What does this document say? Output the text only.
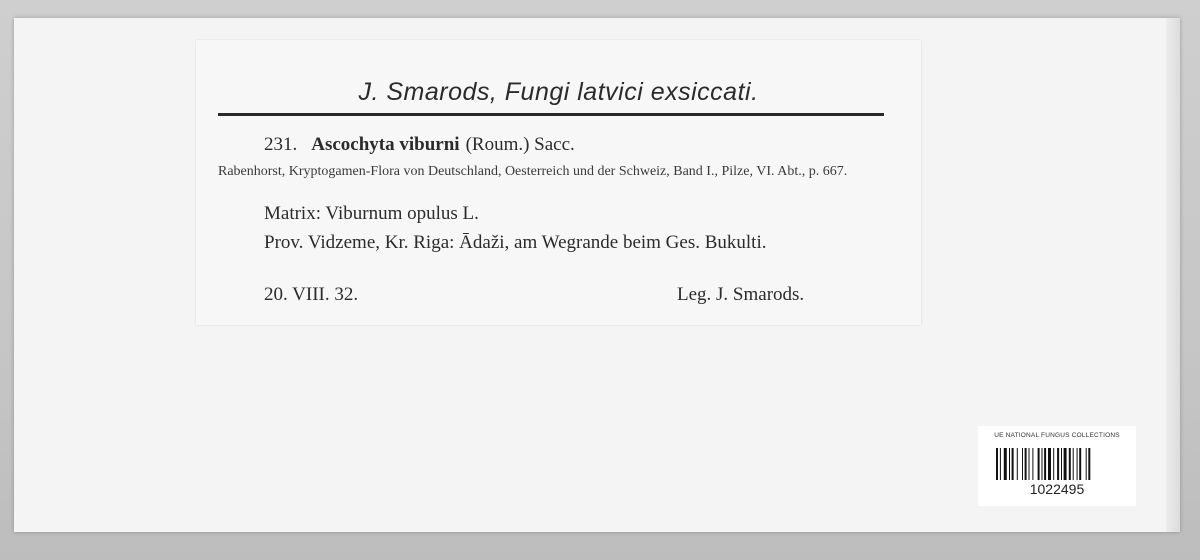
J. Smarods, Fungi latvici exsiccati.
231. Ascochyta viburni (Roum.) Sacc.
Rabenhorst, Kryptogamen-Flora von Deutschland, Oesterreich und der Schweiz, Band I., Pilze, VI. Abt., p. 667.
Matrix: Viburnum opulus L.
Prov. Vidzeme, Kr. Riga: Ādaži, am Wegrande beim Ges. Bukulti.
20. VIII. 32.	Leg. J. Smarods.
UE NATIONAL FUNGUS COLLECTIONS
1022495
